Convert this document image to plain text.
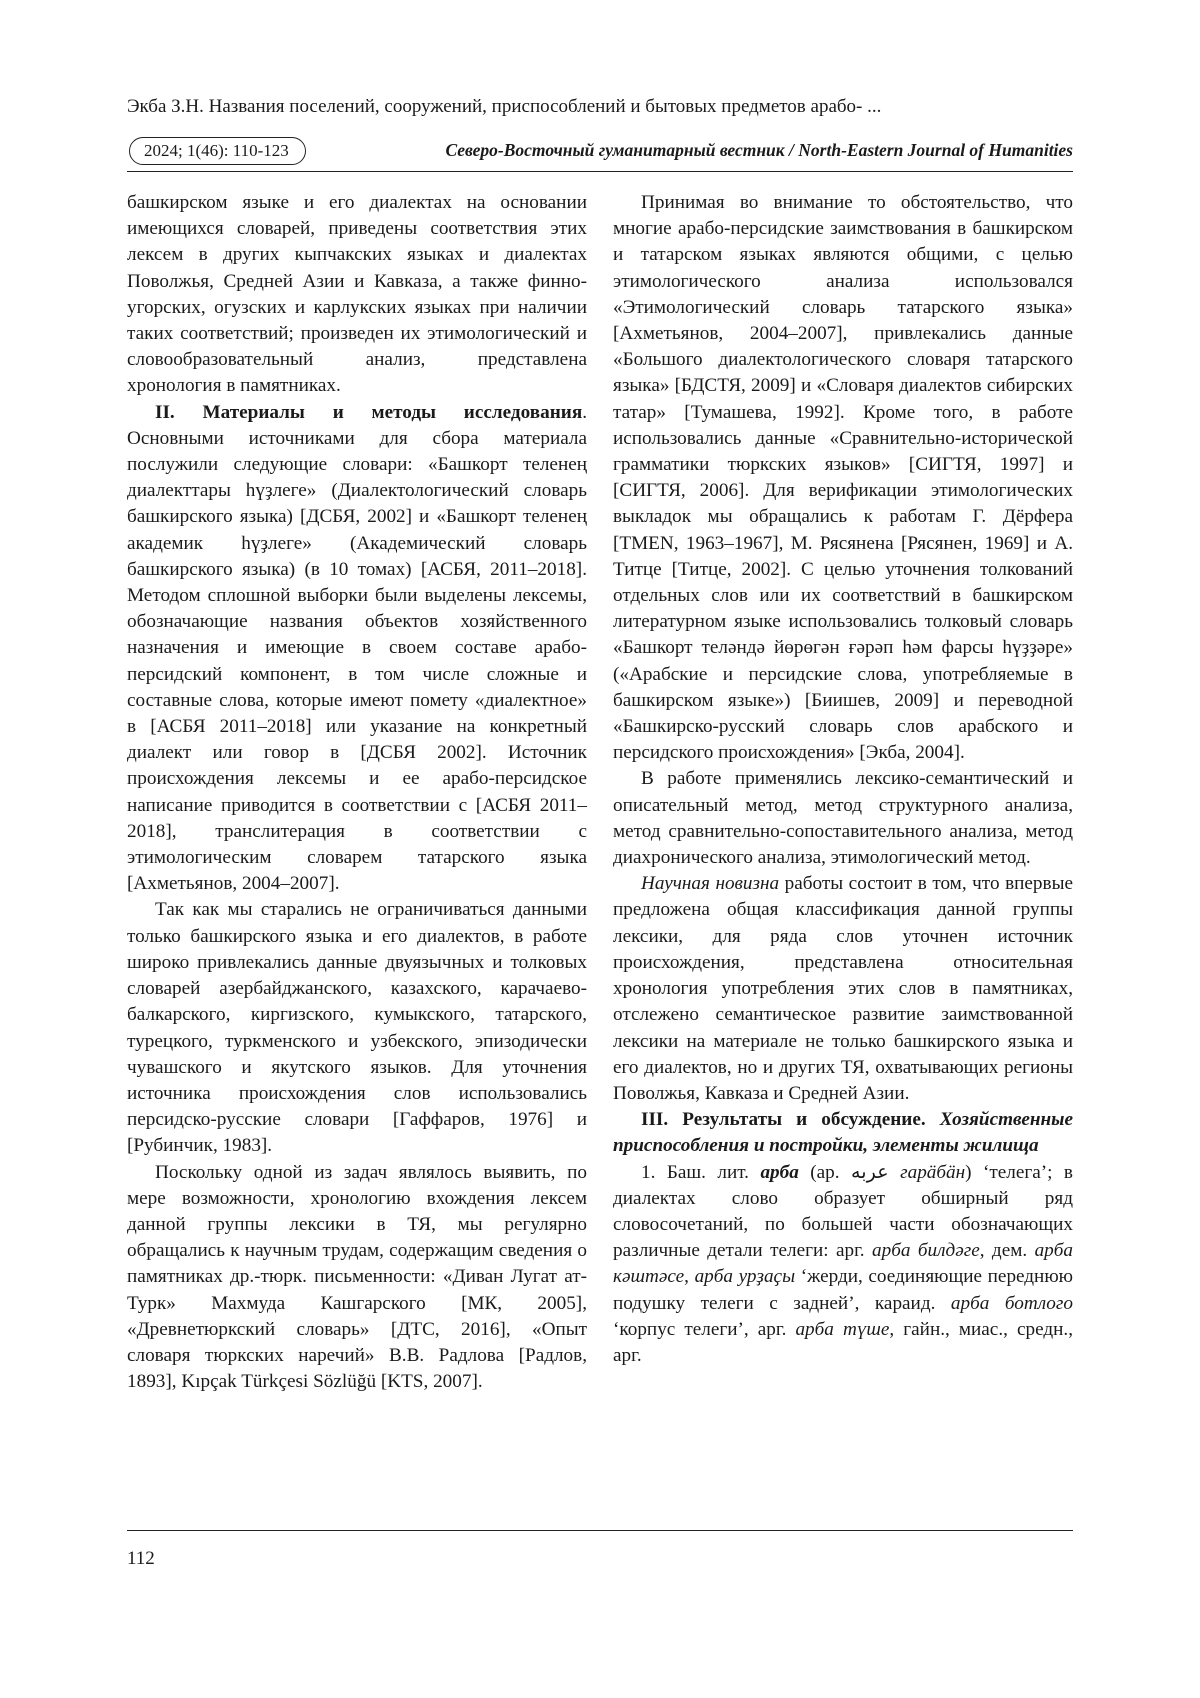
Экба З.Н. Названия поселений, сооружений, приспособлений и бытовых предметов арабо- ...
2024; 1(46): 110-123	Северо-Восточный гуманитарный вестник / North-Eastern Journal of Humanities

башкирском языке и его диалектах на основании имеющихся словарей, приведены соответствия этих лексем в других кыпчакских языках и диалектах Поволжья, Средней Азии и Кавказа, а также финно-угорских, огузских и карлукских языках при наличии таких соответствий; произведен их этимологический и словообразовательный анализ, представлена хронология в памятниках.

II. Материалы и методы исследования. Основными источниками для сбора материала послужили следующие словари: «Башкорт теленең диалекттары һүҙлеге» (Диалектологический словарь башкирского языка) [ДСБЯ, 2002] и «Башкорт теленең академик һүҙлеге» (Академический словарь башкирского языка) (в 10 томах) [АСБЯ, 2011–2018]. Методом сплошной выборки были выделены лексемы, обозначающие названия объектов хозяйственного назначения и имеющие в своем составе арабо-персидский компонент, в том числе сложные и составные слова, которые имеют помету «диалектное» в [АСБЯ 2011–2018] или указание на конкретный диалект или говор в [ДСБЯ 2002]. Источник происхождения лексемы и ее арабо-персидское написание приводится в соответствии с [АСБЯ 2011–2018], транслитерация в соответствии с этимологическим словарем татарского языка [Ахметьянов, 2004–2007].

Так как мы старались не ограничиваться данными только башкирского языка и его диалектов, в работе широко привлекались данные двуязычных и толковых словарей азербайджанского, казахского, карачаево-балкарского, киргизского, кумыкского, татарского, турецкого, туркменского и узбекского, эпизодически чувашского и якутского языков. Для уточнения источника происхождения слов использовались персидско-русские словари [Гаффаров, 1976] и [Рубинчик, 1983].

Поскольку одной из задач являлось выявить, по мере возможности, хронологию вхождения лексем данной группы лексики в ТЯ, мы регулярно обращались к научным трудам, содержащим сведения о памятниках др.-тюрк. письменности: «Диван Лугат ат-Турк» Махмуда Кашгарского [МК, 2005], «Древнетюркский словарь» [ДТС, 2016], «Опыт словаря тюркских наречий» В.В. Радлова [Радлов, 1893], Kıpçak Türkçesi Sözlüğü [KTS, 2007].

Принимая во внимание то обстоятельство, что многие арабо-персидские заимствования в башкирском и татарском языках являются общими, с целью этимологического анализа использовался «Этимологический словарь татарского языка» [Ахметьянов, 2004–2007], привлекались данные «Большого диалектологического словаря татарского языка» [БДСТЯ, 2009] и «Словаря диалектов сибирских татар» [Тумашева, 1992]. Кроме того, в работе использовались данные «Сравнительно-исторической грамматики тюркских языков» [СИГТЯ, 1997] и [СИГТЯ, 2006]. Для верификации этимологических выкладок мы обращались к работам Г. Дёрфера [TMEN, 1963–1967], М. Рясянена [Рясянен, 1969] и А. Титце [Титце, 2002]. С целью уточнения толкований отдельных слов или их соответствий в башкирском литературном языке использовались толковый словарь «Башкорт теләндә йөрөгән ғәрәп һәм фарсы һүҙҙәре» («Арабские и персидские слова, употребляемые в башкирском языке») [Биишев, 2009] и переводной «Башкирско-русский словарь слов арабского и персидского происхождения» [Экба, 2004].

В работе применялись лексико-семантический и описательный метод, метод структурного анализа, метод сравнительно-сопоставительного анализа, метод диахронического анализа, этимологический метод.

Научная новизна работы состоит в том, что впервые предложена общая классификация данной группы лексики, для ряда слов уточнен источник происхождения, представлена относительная хронология употребления этих слов в памятниках, отслежено семантическое развитие заимствованной лексики на материале не только башкирского языка и его диалектов, но и других ТЯ, охватывающих регионы Поволжья, Кавказа и Средней Азии.

III. Результаты и обсуждение. Хозяйственные приспособления и постройки, элементы жилища

1. Баш. лит. арба (ар. عربه гарӓбӓн) ‘телега’; в диалектах слово образует обширный ряд словосочетаний, по большей части обозначающих различные детали телеги: арг. арба билдәге, дем. арба кәштәсе, арба урҙаҫы ‘жерди, соединяющие переднюю подушку телеги с задней’, караид. арба ботлого ‘корпус телеги’, арг. арба түше, гайн., миас., средн., арг.

112
